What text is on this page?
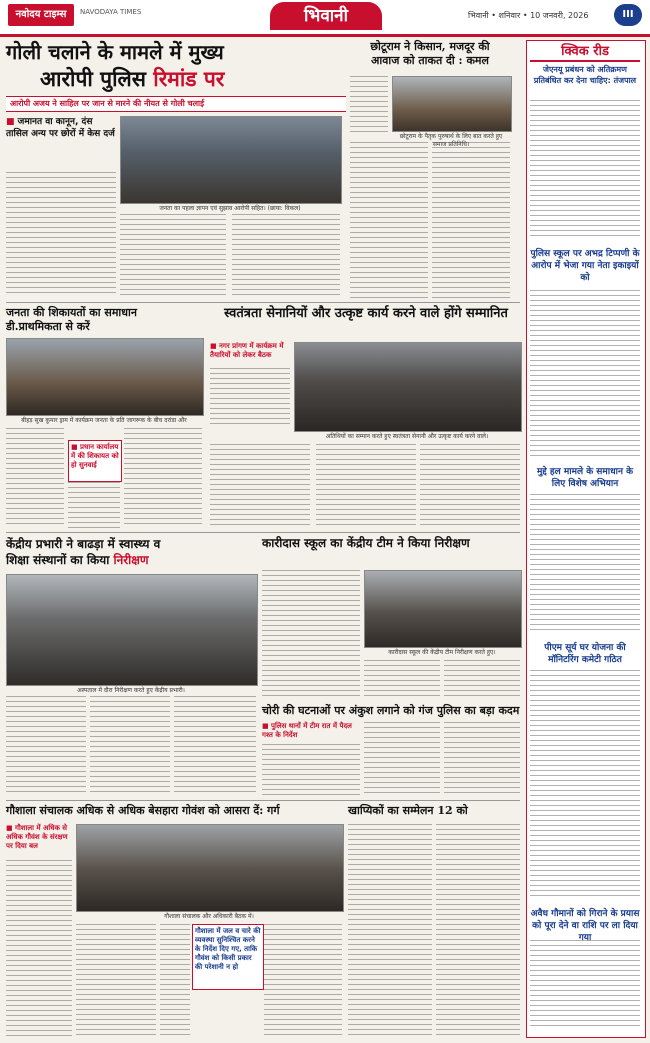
नवोदय टाइम्स	NAVODAYA TIMES	भिवानी	भिवानी • शनिवार • 10 जनवरी, 2026	III
गोली चलाने के मामले में मुख्य
आरोपी पुलिस रिमांड पर
आरोपी अजय ने साहिल पर जान से मारने की नीयत से गोली चलाई
■ जमानत वा कानून, दंस तासिल अन्य पर छोरों में केस दर्ज
जनता का पहला ज्ञापन एवं सुझाव आरोपी सहित। (छाया: विकल)
छोटूराम ने किसान, मजदूर की
आवाज को ताकत दी : कमल
छोटूराम के पैतृक पुरुषार्थ के लिए बात करते हुए समाज प्रतिनिधि।
क्विक रीड
जेएनयू प्रबंधन को अतिक्रमण प्रतिबंधित कर देना चाहिए: तंजपाल
पुलिस स्कूल पर अभद्र टिप्पणी के आरोप में भेजा गया नेता इकाइयों को
मुद्दे हल मामले के समाधान के लिए विशेष अभियान
पीएम सूर्य घर योजना की मॉनिटरिंग कमेटी गठित
अवैध गौमानों को गिराने के प्रयास को पूरा देने वा राशि पर ला दिया गया
जनता की शिकायतों का समाधान
डी.प्राथमिकता से करें
बीहड़ सुख कुमार ड्राम में कार्यक्रम जनता के प्रति जागरूक के बीच दरांडा और
■ प्रधान कार्यालय में की शिकायत को हो सुनवाई
स्वतंत्रता सेनानियों और उत्कृष्ट कार्य करने वाले होंगे सम्मानित
■ नगर प्रांगण में कार्यक्रम में तैयारियों को लेकर बैठक
अतिथियों का सम्मान करते हुए स्वतंत्रता सेनानी और उत्कृष्ट कार्य करने वाले।
केंद्रीय प्रभारी ने बाढड़ा में स्वास्थ्य व
शिक्षा संस्थानों का किया निरीक्षण
अस्पताल में दौरा निरीक्षण करते हुए केंद्रीय प्रभारी।
कारीदास स्कूल का केंद्रीय टीम ने किया निरीक्षण
कारीदास स्कूल की केंद्रीय टीम निरीक्षण करते हुए।
चोरी की घटनाओं पर अंकुश लगाने को गंज पुलिस का बड़ा कदम
■ पुलिस थानों में टीम रात में पैदल गश्त के निर्देश
गौशाला संचालक अधिक से अधिक बेसहारा गोवंश को आसरा दें: गर्ग
■ गौशाला में अधिक से अधिक गौवंश के संरक्षण पर दिया बल
गौशाला संचालक और अधिकारी बैठक में।
गौशाला में जल व चारे की व्यवस्था सुनिश्चित करने के निर्देश दिए गए, ताकि गौवंश को किसी प्रकार की परेशानी न हो
खाप्यिकों का सम्मेलन 12 को
